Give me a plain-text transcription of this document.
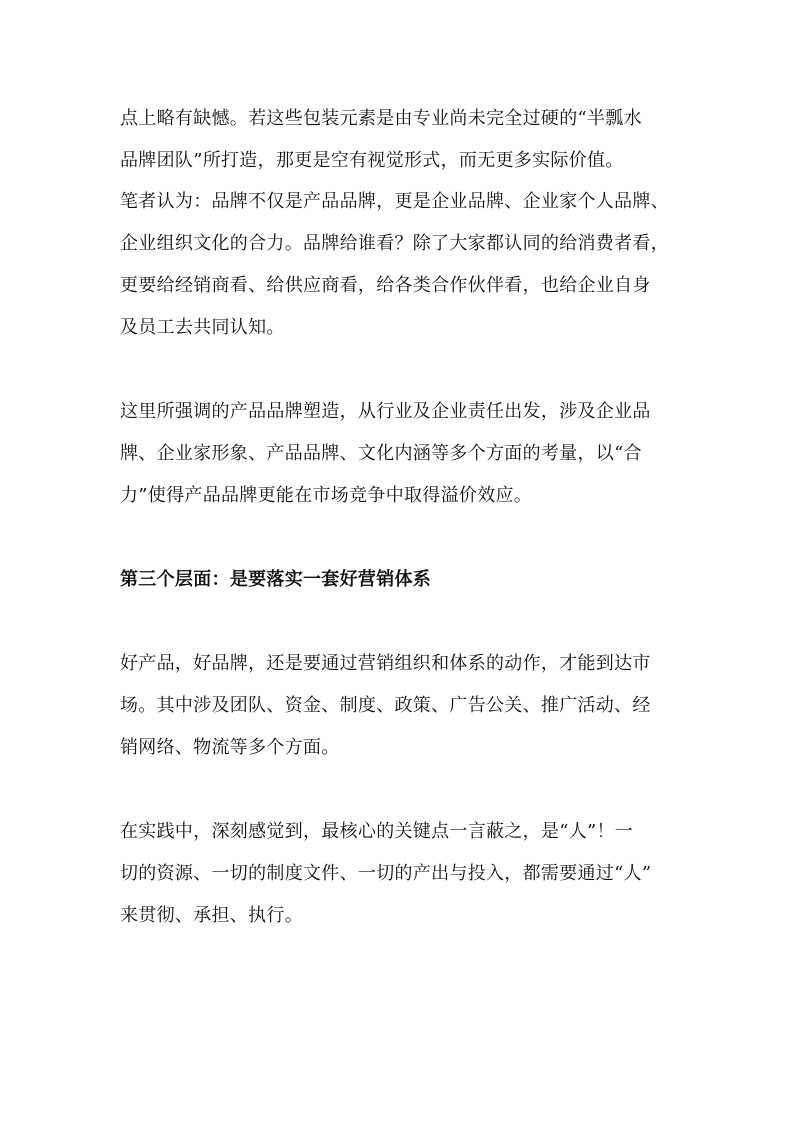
点上略有缺憾。若这些包装元素是由专业尚未完全过硬的“半瓢水
品牌团队”所打造，那更是空有视觉形式，而无更多实际价值。
笔者认为：品牌不仅是产品品牌，更是企业品牌、企业家个人品牌、
企业组织文化的合力。品牌给谁看？除了大家都认同的给消费者看，
更要给经销商看、给供应商看，给各类合作伙伴看，也给企业自身
及员工去共同认知。
这里所强调的产品品牌塑造，从行业及企业责任出发，涉及企业品
牌、企业家形象、产品品牌、文化内涵等多个方面的考量，以“合
力”使得产品品牌更能在市场竞争中取得溢价效应。
第三个层面：是要落实一套好营销体系
好产品，好品牌，还是要通过营销组织和体系的动作，才能到达市
场。其中涉及团队、资金、制度、政策、广告公关、推广活动、经
销网络、物流等多个方面。
在实践中，深刻感觉到，最核心的关键点一言蔽之，是“人”！一
切的资源、一切的制度文件、一切的产出与投入，都需要通过“人”
来贯彻、承担、执行。
